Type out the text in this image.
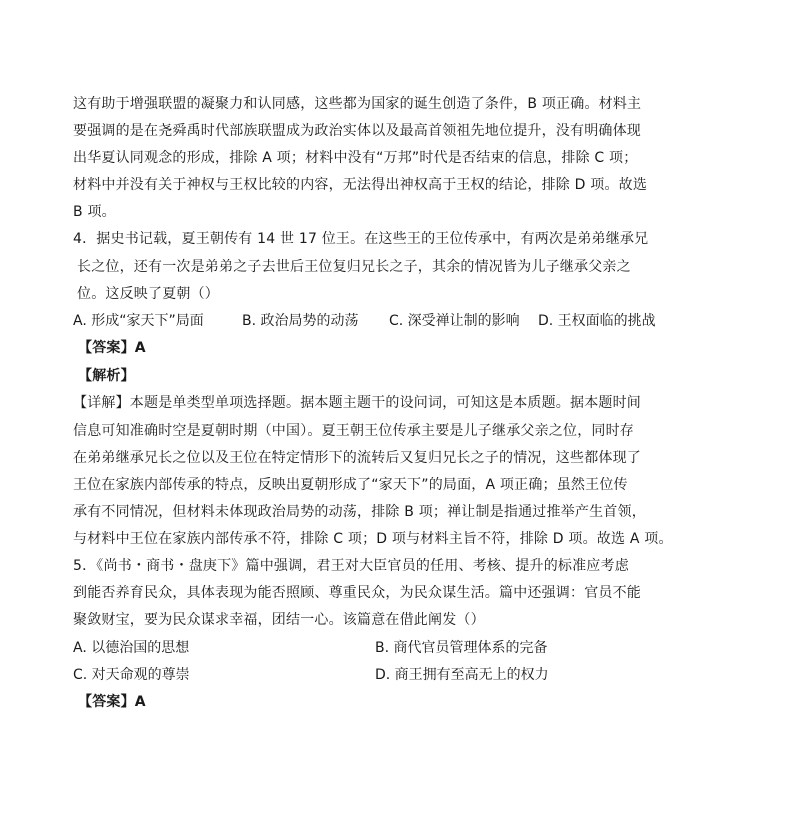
这有助于增强联盟的凝聚力和认同感，这些都为国家的诞生创造了条件，B 项正确。材料主
要强调的是在尧舜禹时代部族联盟成为政治实体以及最高首领祖先地位提升，没有明确体现
出华夏认同观念的形成，排除 A 项；材料中没有“万邦”时代是否结束的信息，排除 C 项；
材料中并没有关于神权与王权比较的内容，无法得出神权高于王权的结论，排除 D 项。故选
B 项。
4．据史书记载，夏王朝传有 14 世 17 位王。在这些王的王位传承中，有两次是弟弟继承兄
长之位，还有一次是弟弟之子去世后王位复归兄长之子，其余的情况皆为儿子继承父亲之
位。这反映了夏朝（）
A. 形成“家天下”局面	B. 政治局势的动荡 C. 深受禅让制的影响 D. 王权面临的挑战
【答案】A
【解析】
【详解】本题是单类型单项选择题。据本题主题干的设问词，可知这是本质题。据本题时间
信息可知准确时空是夏朝时期（中国）。夏王朝王位传承主要是儿子继承父亲之位，同时存
在弟弟继承兄长之位以及王位在特定情形下的流转后又复归兄长之子的情况，这些都体现了
王位在家族内部传承的特点，反映出夏朝形成了“家天下”的局面，A 项正确；虽然王位传
承有不同情况，但材料未体现政治局势的动荡，排除 B 项；禅让制是指通过推举产生首领，
与材料中王位在家族内部传承不符，排除 C 项；D 项与材料主旨不符，排除 D 项。故选 A 项。
5．《尚书・商书・盘庚下》篇中强调，君王对大臣官员的任用、考核、提升的标准应考虑
到能否养育民众，具体表现为能否照顾、尊重民众，为民众谋生活。篇中还强调：官员不能
聚敛财宝，要为民众谋求幸福，团结一心。该篇意在借此阐发（）
A. 以德治国的思想	B. 商代官员管理体系的完备
C. 对天命观的尊崇	D. 商王拥有至高无上的权力
【答案】A
